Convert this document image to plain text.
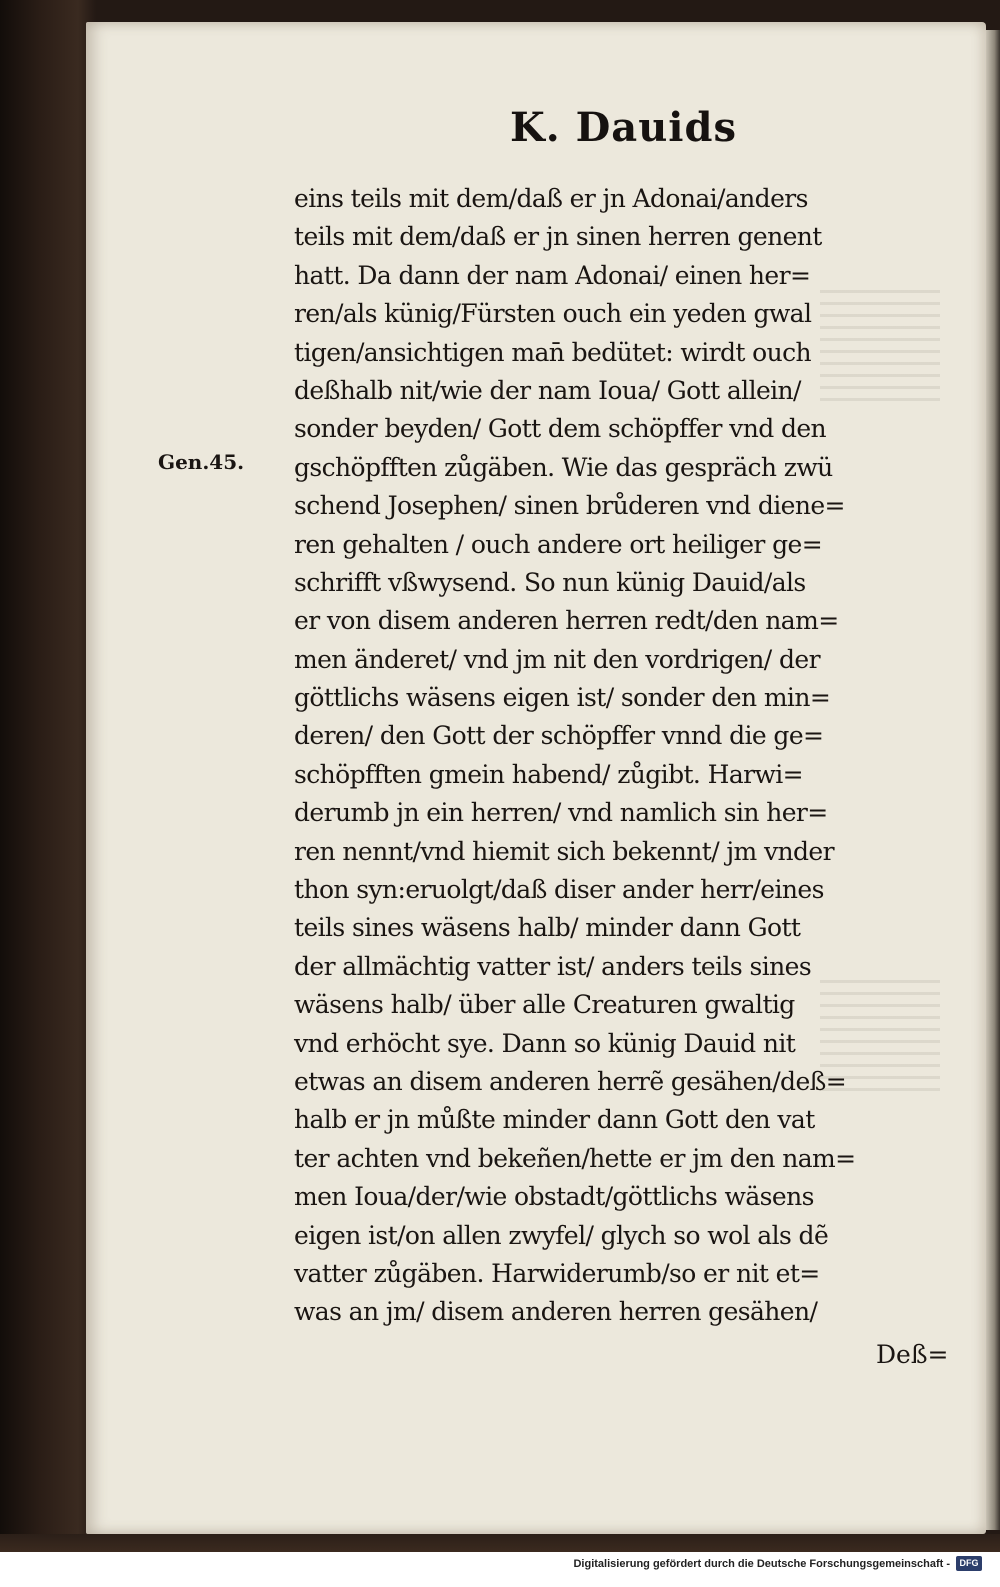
K. Dauids
Gen.45.
eins teils mit dem/daß er jn Adonai/anders
teils mit dem/daß er jn sinen herren genent
hatt. Da dann der nam Adonai/ einen her=
ren/als künig/Fürsten ouch ein yeden gwal
tigen/ansichtigen man̄ bedütet: wirdt ouch
deßhalb nit/wie der nam Ioua/ Gott allein/
sonder beyden/ Gott dem schöpffer vnd den
gschöpfften zůgäben. Wie das gespräch zwü
schend Josephen/ sinen brůderen vnd diene=
ren gehalten / ouch andere ort heiliger ge=
schrifft vßwysend. So nun künig Dauid/als
er von disem anderen herren redt/den nam=
men änderet/ vnd jm nit den vordrigen/ der
göttlichs wäsens eigen ist/ sonder den min=
deren/ den Gott der schöpffer vnnd die ge=
schöpfften gmein habend/ zůgibt. Harwi=
derumb jn ein herren/ vnd namlich sin her=
ren nennt/vnd hiemit sich bekennt/ jm vnder
thon syn:eruolgt/daß diser ander herr/eines
teils sines wäsens halb/ minder dann Gott
der allmächtig vatter ist/ anders teils sines
wäsens halb/ über alle Creaturen gwaltig
vnd erhöcht sye. Dann so künig Dauid nit
etwas an disem anderen herrẽ gesähen/deß=
halb er jn můßte minder dann Gott den vat
ter achten vnd bekeñen/hette er jm den nam=
men Ioua/der/wie obstadt/göttlichs wäsens
eigen ist/on allen zwyfel/ glych so wol als dẽ
vatter zůgäben. Harwiderumb/so er nit et=
was an jm/ disem anderen herren gesähen/
Deß=
Digitalisierung gefördert durch die Deutsche Forschungsgemeinschaft -	DFG
